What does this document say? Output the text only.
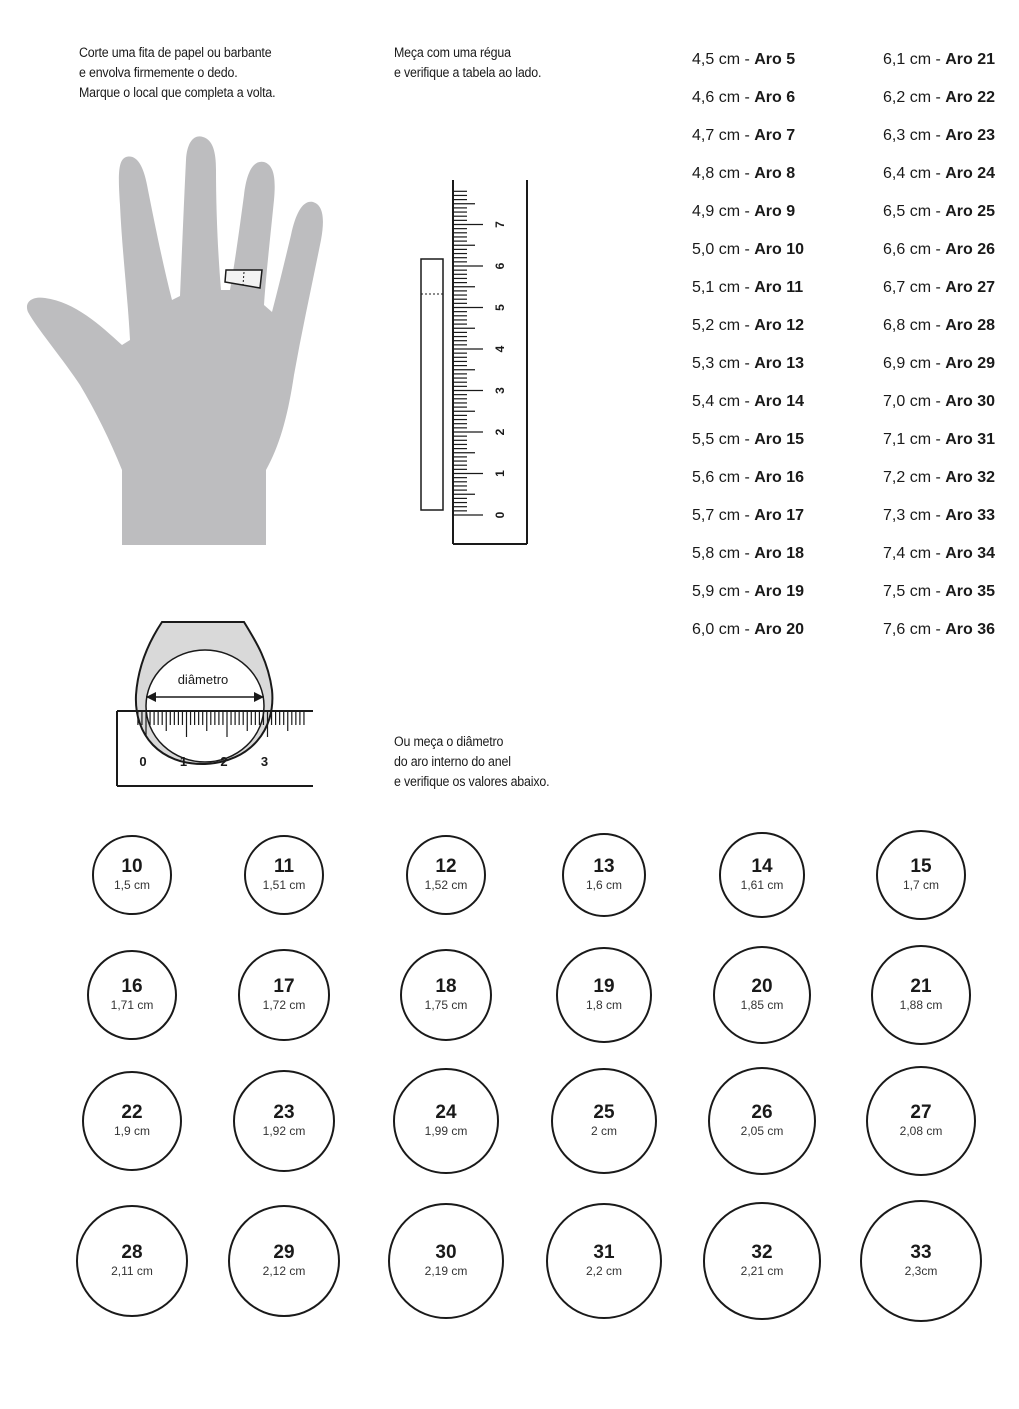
Corte uma fita de papel ou barbante
e envolva firmemente o dedo.
Marque o local que completa a volta.
Meça com uma régua
e verifique a tabela ao lado.
Ou meça o diâmetro
do aro interno do anel
e verifique os valores abaixo.
0
1
2
3
4
5
6
7
diâmetro
0	1	2	3
4,5 cm - Aro 5
4,6 cm - Aro 6
4,7 cm - Aro 7
4,8 cm - Aro 8
4,9 cm - Aro 9
5,0 cm - Aro 10
5,1 cm - Aro 11
5,2 cm - Aro 12
5,3 cm - Aro 13
5,4 cm - Aro 14
5,5 cm - Aro 15
5,6 cm - Aro 16
5,7 cm - Aro 17
5,8 cm - Aro 18
5,9 cm - Aro 19
6,0 cm - Aro 20
6,1 cm - Aro 21
6,2 cm - Aro 22
6,3 cm - Aro 23
6,4 cm - Aro 24
6,5 cm - Aro 25
6,6 cm - Aro 26
6,7 cm - Aro 27
6,8 cm - Aro 28
6,9 cm - Aro 29
7,0 cm - Aro 30
7,1 cm - Aro 31
7,2 cm - Aro 32
7,3 cm - Aro 33
7,4 cm - Aro 34
7,5 cm - Aro 35
7,6 cm - Aro 36
10
1,5 cm
11
1,51 cm
12
1,52 cm
13
1,6 cm
14
1,61 cm
15
1,7 cm
16
1,71 cm
17
1,72 cm
18
1,75 cm
19
1,8 cm
20
1,85 cm
21
1,88 cm
22
1,9 cm
23
1,92 cm
24
1,99 cm
25
2 cm
26
2,05 cm
27
2,08 cm
28
2,11 cm
29
2,12 cm
30
2,19 cm
31
2,2 cm
32
2,21 cm
33
2,3cm
